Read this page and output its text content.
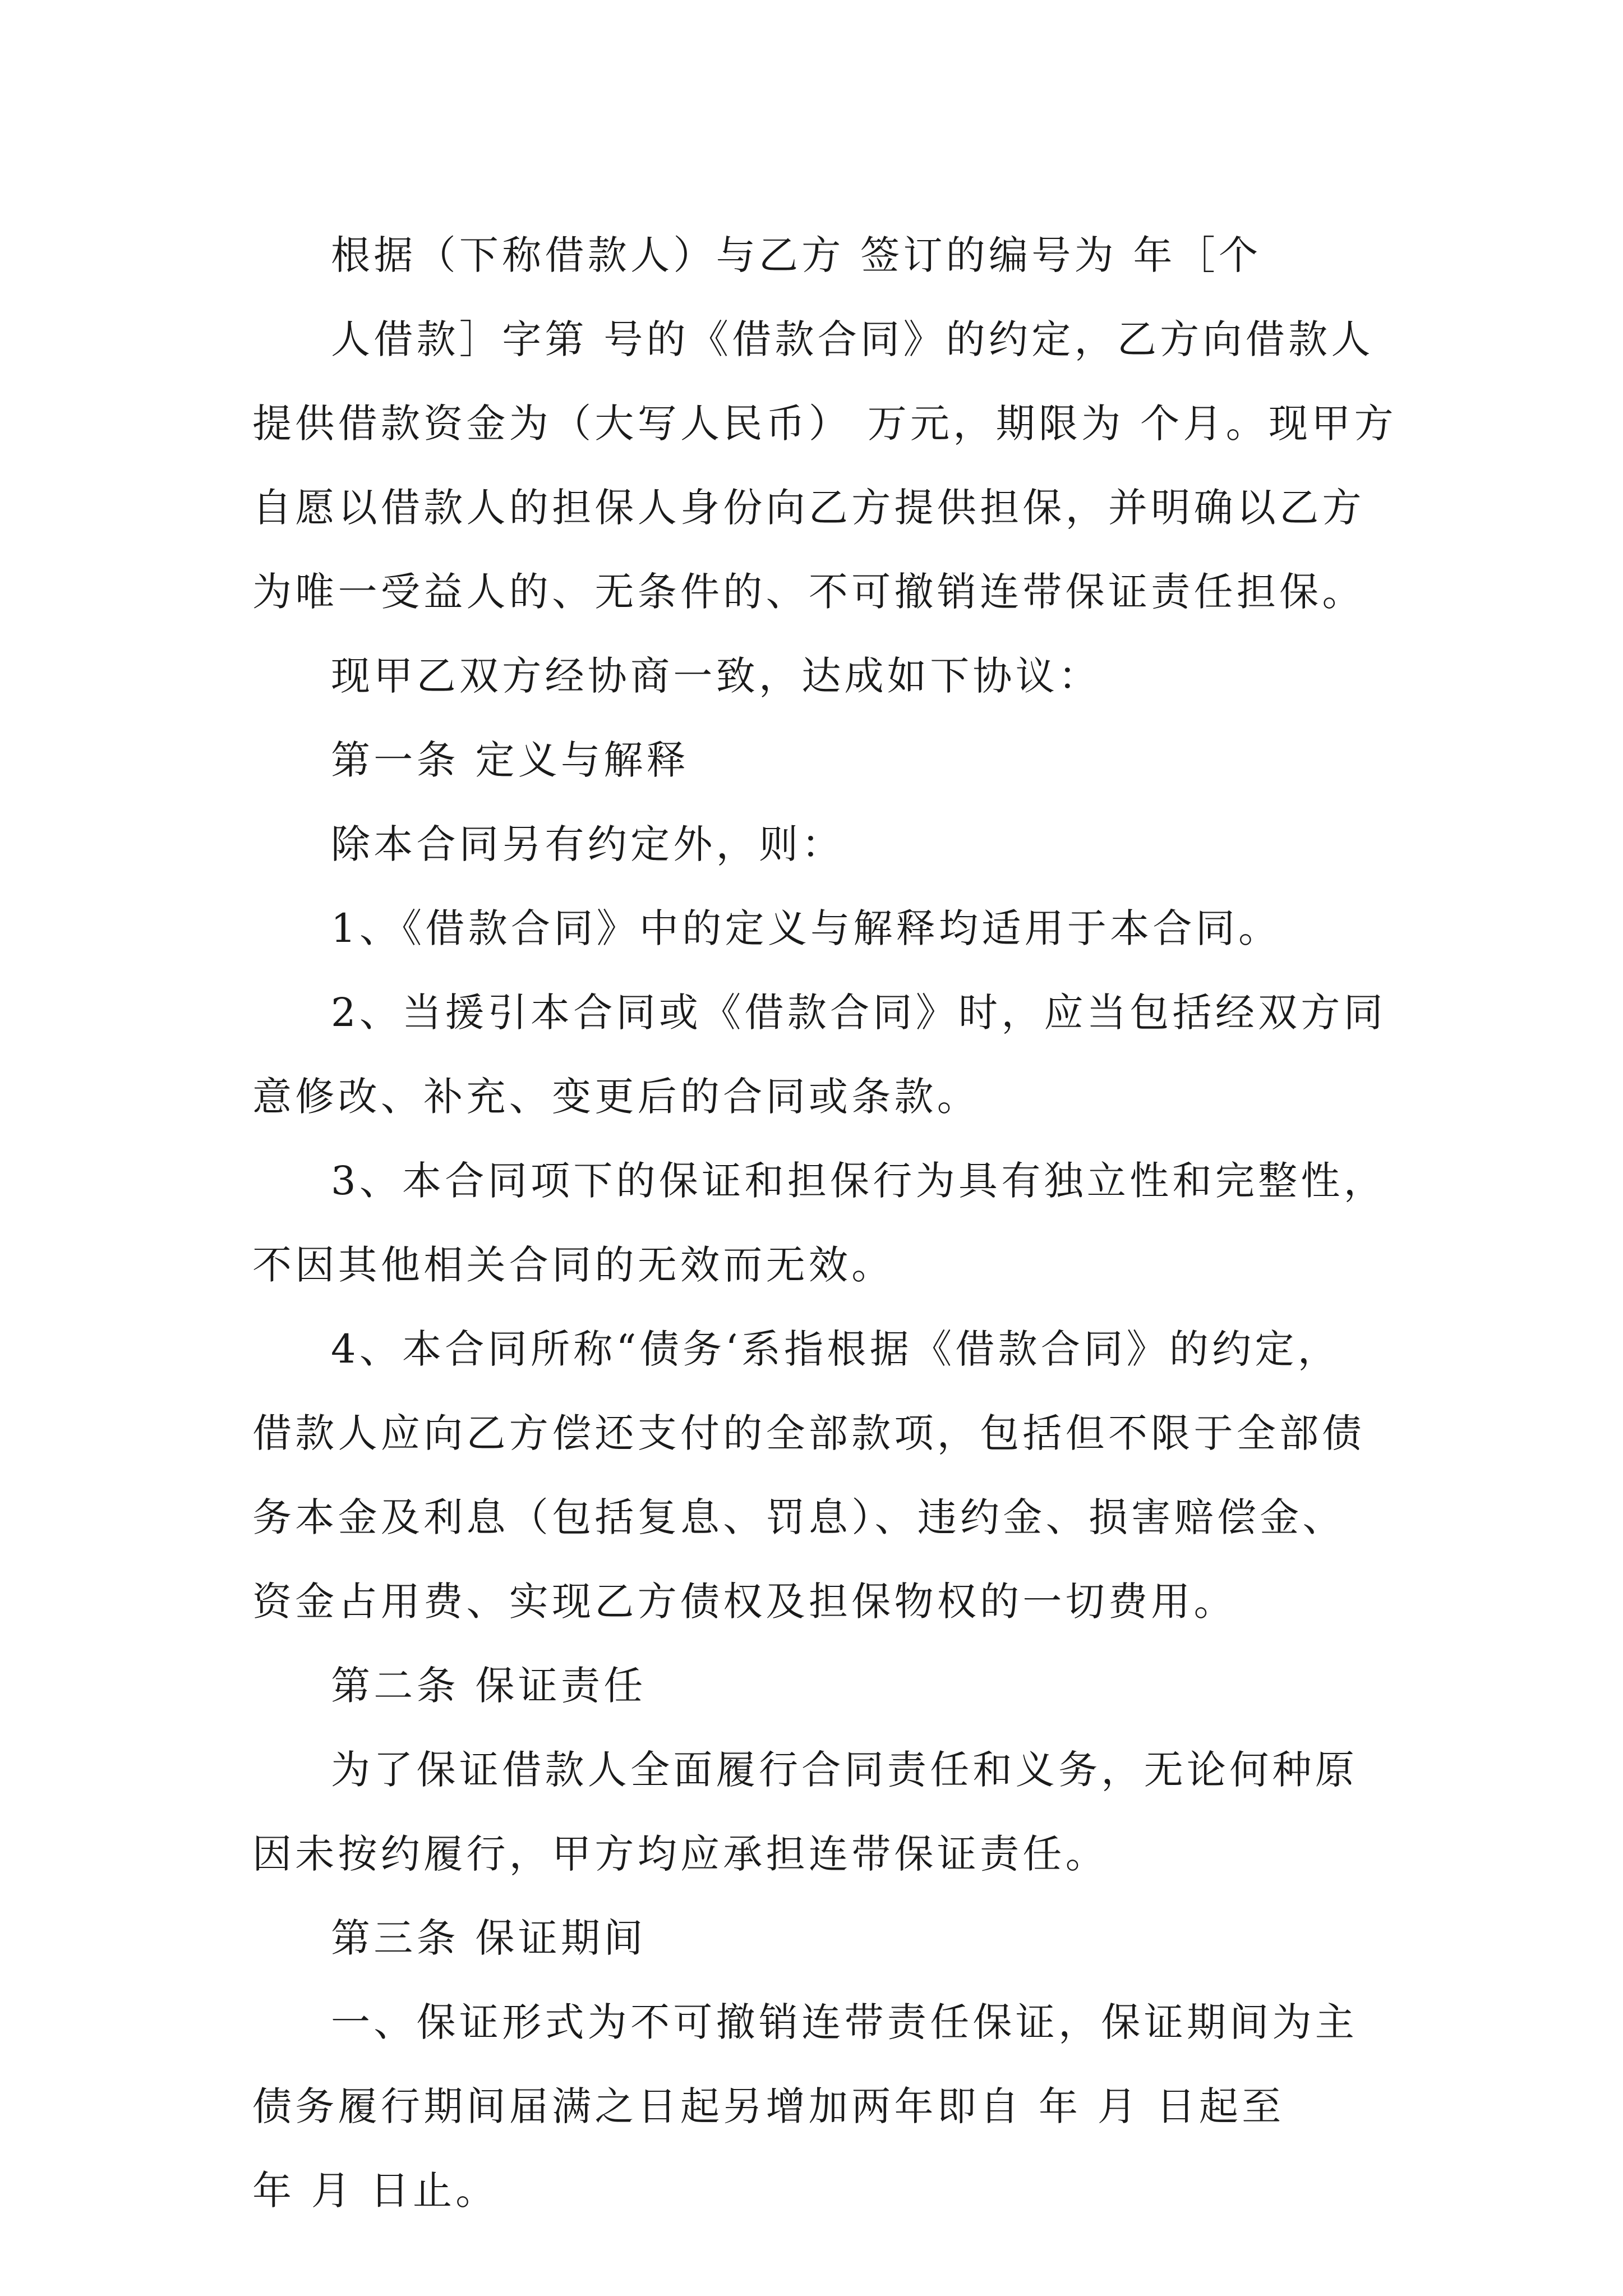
根据（下称借款人）与乙方 签订的编号为 年［个
人借款］字第 号的《借款合同》的约定，乙方向借款人
提供借款资金为（大写人民币） 万元，期限为 个月。现甲方
自愿以借款人的担保人身份向乙方提供担保，并明确以乙方
为唯一受益人的、无条件的、不可撤销连带保证责任担保。
现甲乙双方经协商一致，达成如下协议：
第一条 定义与解释
除本合同另有约定外，则：
1、《借款合同》中的定义与解释均适用于本合同。
2、当援引本合同或《借款合同》时，应当包括经双方同
意修改、补充、变更后的合同或条款。
3、本合同项下的保证和担保行为具有独立性和完整性，
不因其他相关合同的无效而无效。
4、本合同所称“债务‘系指根据《借款合同》的约定，
借款人应向乙方偿还支付的全部款项，包括但不限于全部债
务本金及利息（包括复息、罚息）、违约金、损害赔偿金、
资金占用费、实现乙方债权及担保物权的一切费用。
第二条 保证责任
为了保证借款人全面履行合同责任和义务，无论何种原
因未按约履行，甲方均应承担连带保证责任。
第三条 保证期间
一、保证形式为不可撤销连带责任保证，保证期间为主
债务履行期间届满之日起另增加两年即自 年 月 日起至
年 月 日止。
